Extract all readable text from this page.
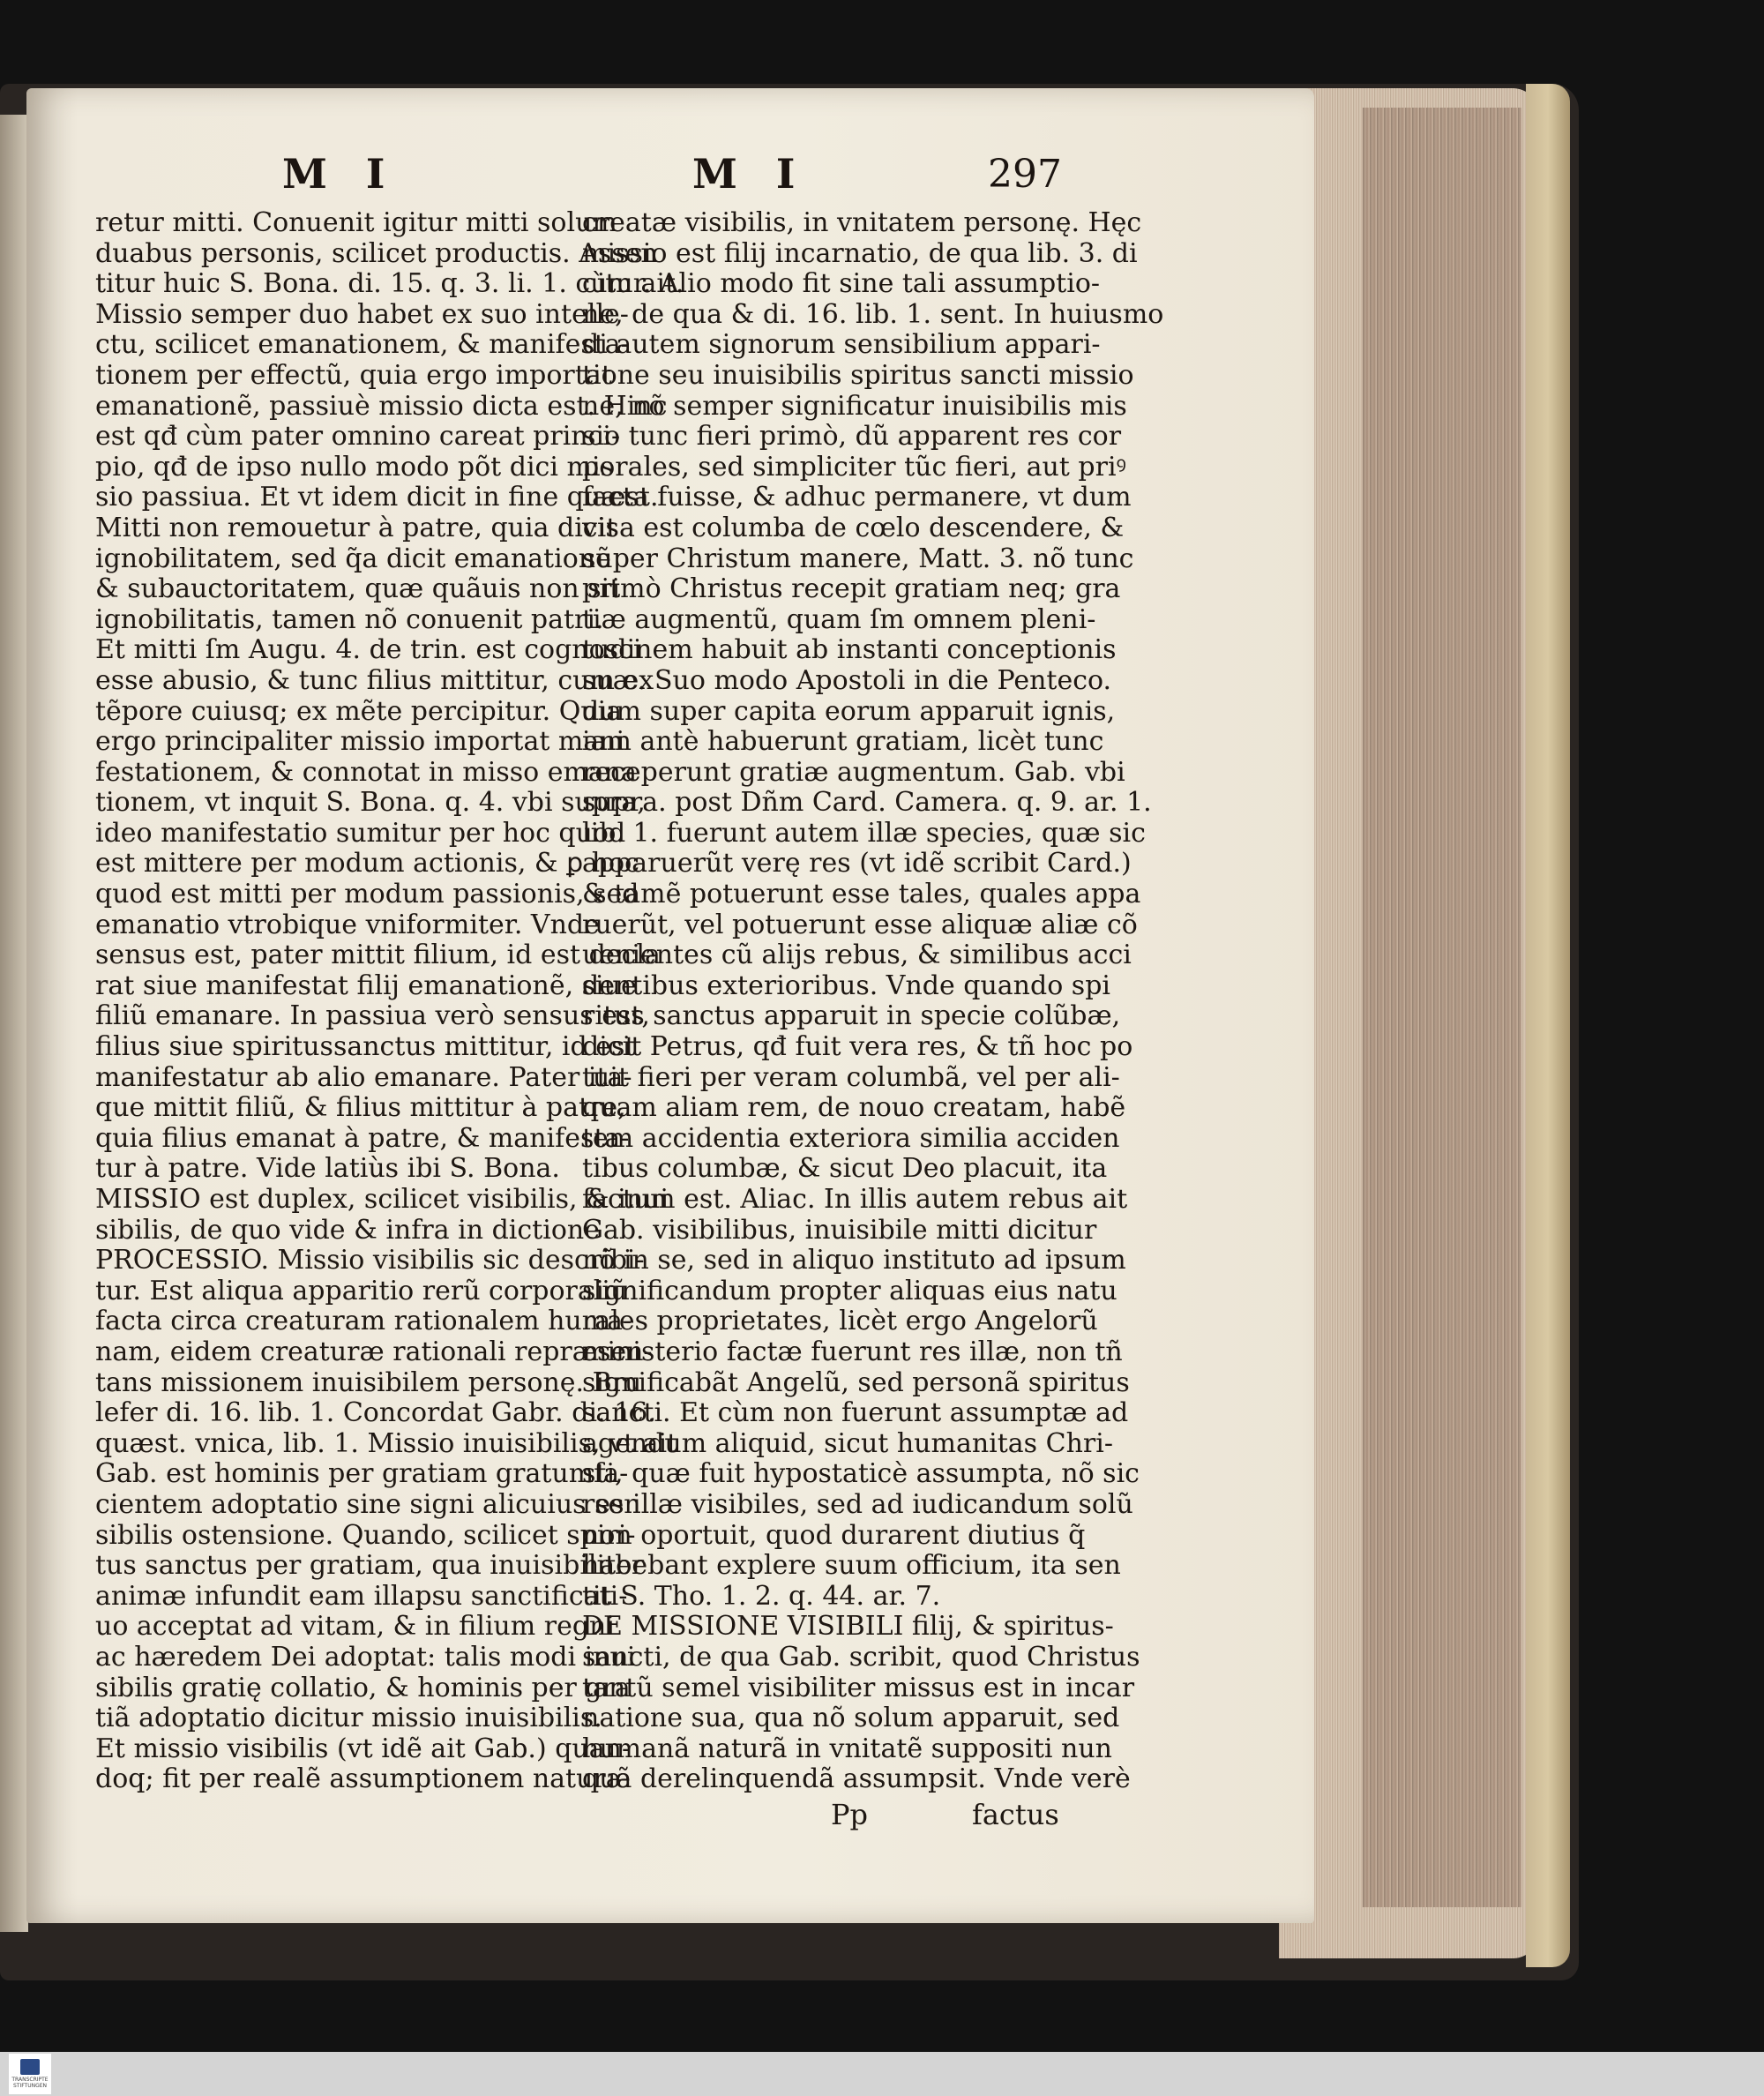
M I	M I	297
retur mitti. Conuenit igitur mitti solum
duabus personis, scilicet productis. Assen
titur huic S. Bona. di. 15. q. 3. li. 1. cùm ait.
Missio semper duo habet ex suo intelle-
ctu, scilicet emanationem, & manifesta-
tionem per effectũ, quia ergo importat
emanationẽ, passiuè missio dicta est. Hinc
est qđ cùm pater omnino careat princi-
pio, qđ de ipso nullo modo põt dici mis
sio passiua. Et vt idem dicit in fine quæst.
Mitti non remouetur à patre, quia dicit
ignobilitatem, sed q̃a dicit emanationẽ
& subauctoritatem, quæ quãuis non sit
ignobilitatis, tamen nõ conuenit patri.
Et mitti ſm Augu. 4. de trin. est cognosci
esse abusio, & tunc filius mittitur, cum ex
tẽpore cuiusq; ex mẽte percipitur. Quia
ergo principaliter missio importat mani
festationem, & connotat in misso emana
tionem, vt inquit S. Bona. q. 4. vbi supra,
ideo manifestatio sumitur per hoc quod
est mittere per modum actionis, & ꝑ hoc
quod est mitti per modum passionis, sed
emanatio vtrobique vniformiter. Vnde
sensus est, pater mittit filium, id est decla
rat siue manifestat filij emanationẽ, siue
filiũ emanare. In passiua verò sensus est,
filius siue spiritussanctus mittitur, id est
manifestatur ab alio emanare. Pater ita-
que mittit filiũ, & filius mittitur à patre,
quia filius emanat à patre, & manifesta-
tur à patre. Vide latiùs ibi S. Bona.
MISSIO est duplex, scilicet visibilis, & inui
sibilis, de quo vide & infra in dictione
PROCESSIO. Missio visibilis sic describi-
tur. Est aliqua apparitio rerũ corporaliũ
facta circa creaturam rationalem huma-
nam, eidem creaturæ rationali repræsen-
tans missionem inuisibilem personę. Bru
lefer di. 16. lib. 1. Concordat Gabr. di. 16.
quæst. vnica, lib. 1. Missio inuisibilis, vt ait
Gab. est hominis per gratiam gratumfa-
cientem adoptatio sine signi alicuius sen
sibilis ostensione. Quando, scilicet spiri-
tus sanctus per gratiam, qua inuisibiliter
animæ infundit eam illapsu sanctificati-
uo acceptat ad vitam, & in filium regni
ac hæredem Dei adoptat: talis modi inui
sibilis gratię collatio, & hominis per gra
tiã adoptatio dicitur missio inuisibilis.
Et missio visibilis (vt idẽ ait Gab.) quan-
doq; fit per realẽ assumptionem naturæ
creatæ visibilis, in vnitatem personę. Hęc
missio est filij incarnatio, de qua lib. 3. di
citur. Alio modo fit sine tali assumptio-
ne, de qua & di. 16. lib. 1. sent. In huiusmo
di autem signorum sensibilium appari-
tione seu inuisibilis spiritus sancti missio
ne, nõ semper significatur inuisibilis mis
sio tunc fieri primò, dũ apparent res cor
porales, sed simpliciter tũc fieri, aut priꝰ
facta fuisse, & adhuc permanere, vt dum
visa est columba de cœlo descendere, &
super Christum manere, Matt. 3. nõ tunc
primò Christus recepit gratiam neq; gra
tiæ augmentũ, quam ſm omnem pleni-
tudinem habuit ab instanti conceptionis
suæ. Suo modo Apostoli in die Penteco.
dum super capita eorum apparuit ignis,
iam antè habuerunt gratiam, licèt tunc
receperunt gratiæ augmentum. Gab. vbi
supra. post Dñm Card. Camera. q. 9. ar. 1.
lib. 1. fuerunt autem illæ species, quæ sic
apparuerũt verę res (vt idẽ scribit Card.)
& tamẽ potuerunt esse tales, quales appa
ruerũt, vel potuerunt esse aliquæ aliæ cõ
uenientes cũ alijs rebus, & similibus acci
dentibus exterioribus. Vnde quando spi
ritus sanctus apparuit in specie colũbæ,
dicit Petrus, qđ fuit vera res, & tñ hoc po
tuit fieri per veram columbã, vel per ali-
quam aliam rem, de nouo creatam, habẽ
tem accidentia exteriora similia acciden
tibus columbæ, & sicut Deo placuit, ita
factum est. Aliac. In illis autem rebus ait
Gab. visibilibus, inuisibile mitti dicitur
nõ in se, sed in aliquo instituto ad ipsum
significandum propter aliquas eius natu
rales proprietates, licèt ergo Angelorũ
ministerio factæ fuerunt res illæ, non tñ
significabãt Angelũ, sed personã spiritus
sancti. Et cùm non fuerunt assumptæ ad
agendum aliquid, sicut humanitas Chri-
sti, quæ fuit hypostaticè assumpta, nõ sic
res illæ visibiles, sed ad iudicandum solũ
non oportuit, quod durarent diutius q̃
habebant explere suum officium, ita sen
tit S. Tho. 1. 2. q. 44. ar. 7.
DE MISSIONE VISIBILI filij, & spiritus-
sancti, de qua Gab. scribit, quod Christus
tantũ semel visibiliter missus est in incar
natione sua, qua nõ solum apparuit, sed
humanã naturã in vnitatẽ suppositi nun
quã derelinquendã assumpsit. Vnde verè
Pp	factus
TRANSCRIPTE STIFTUNGEN
